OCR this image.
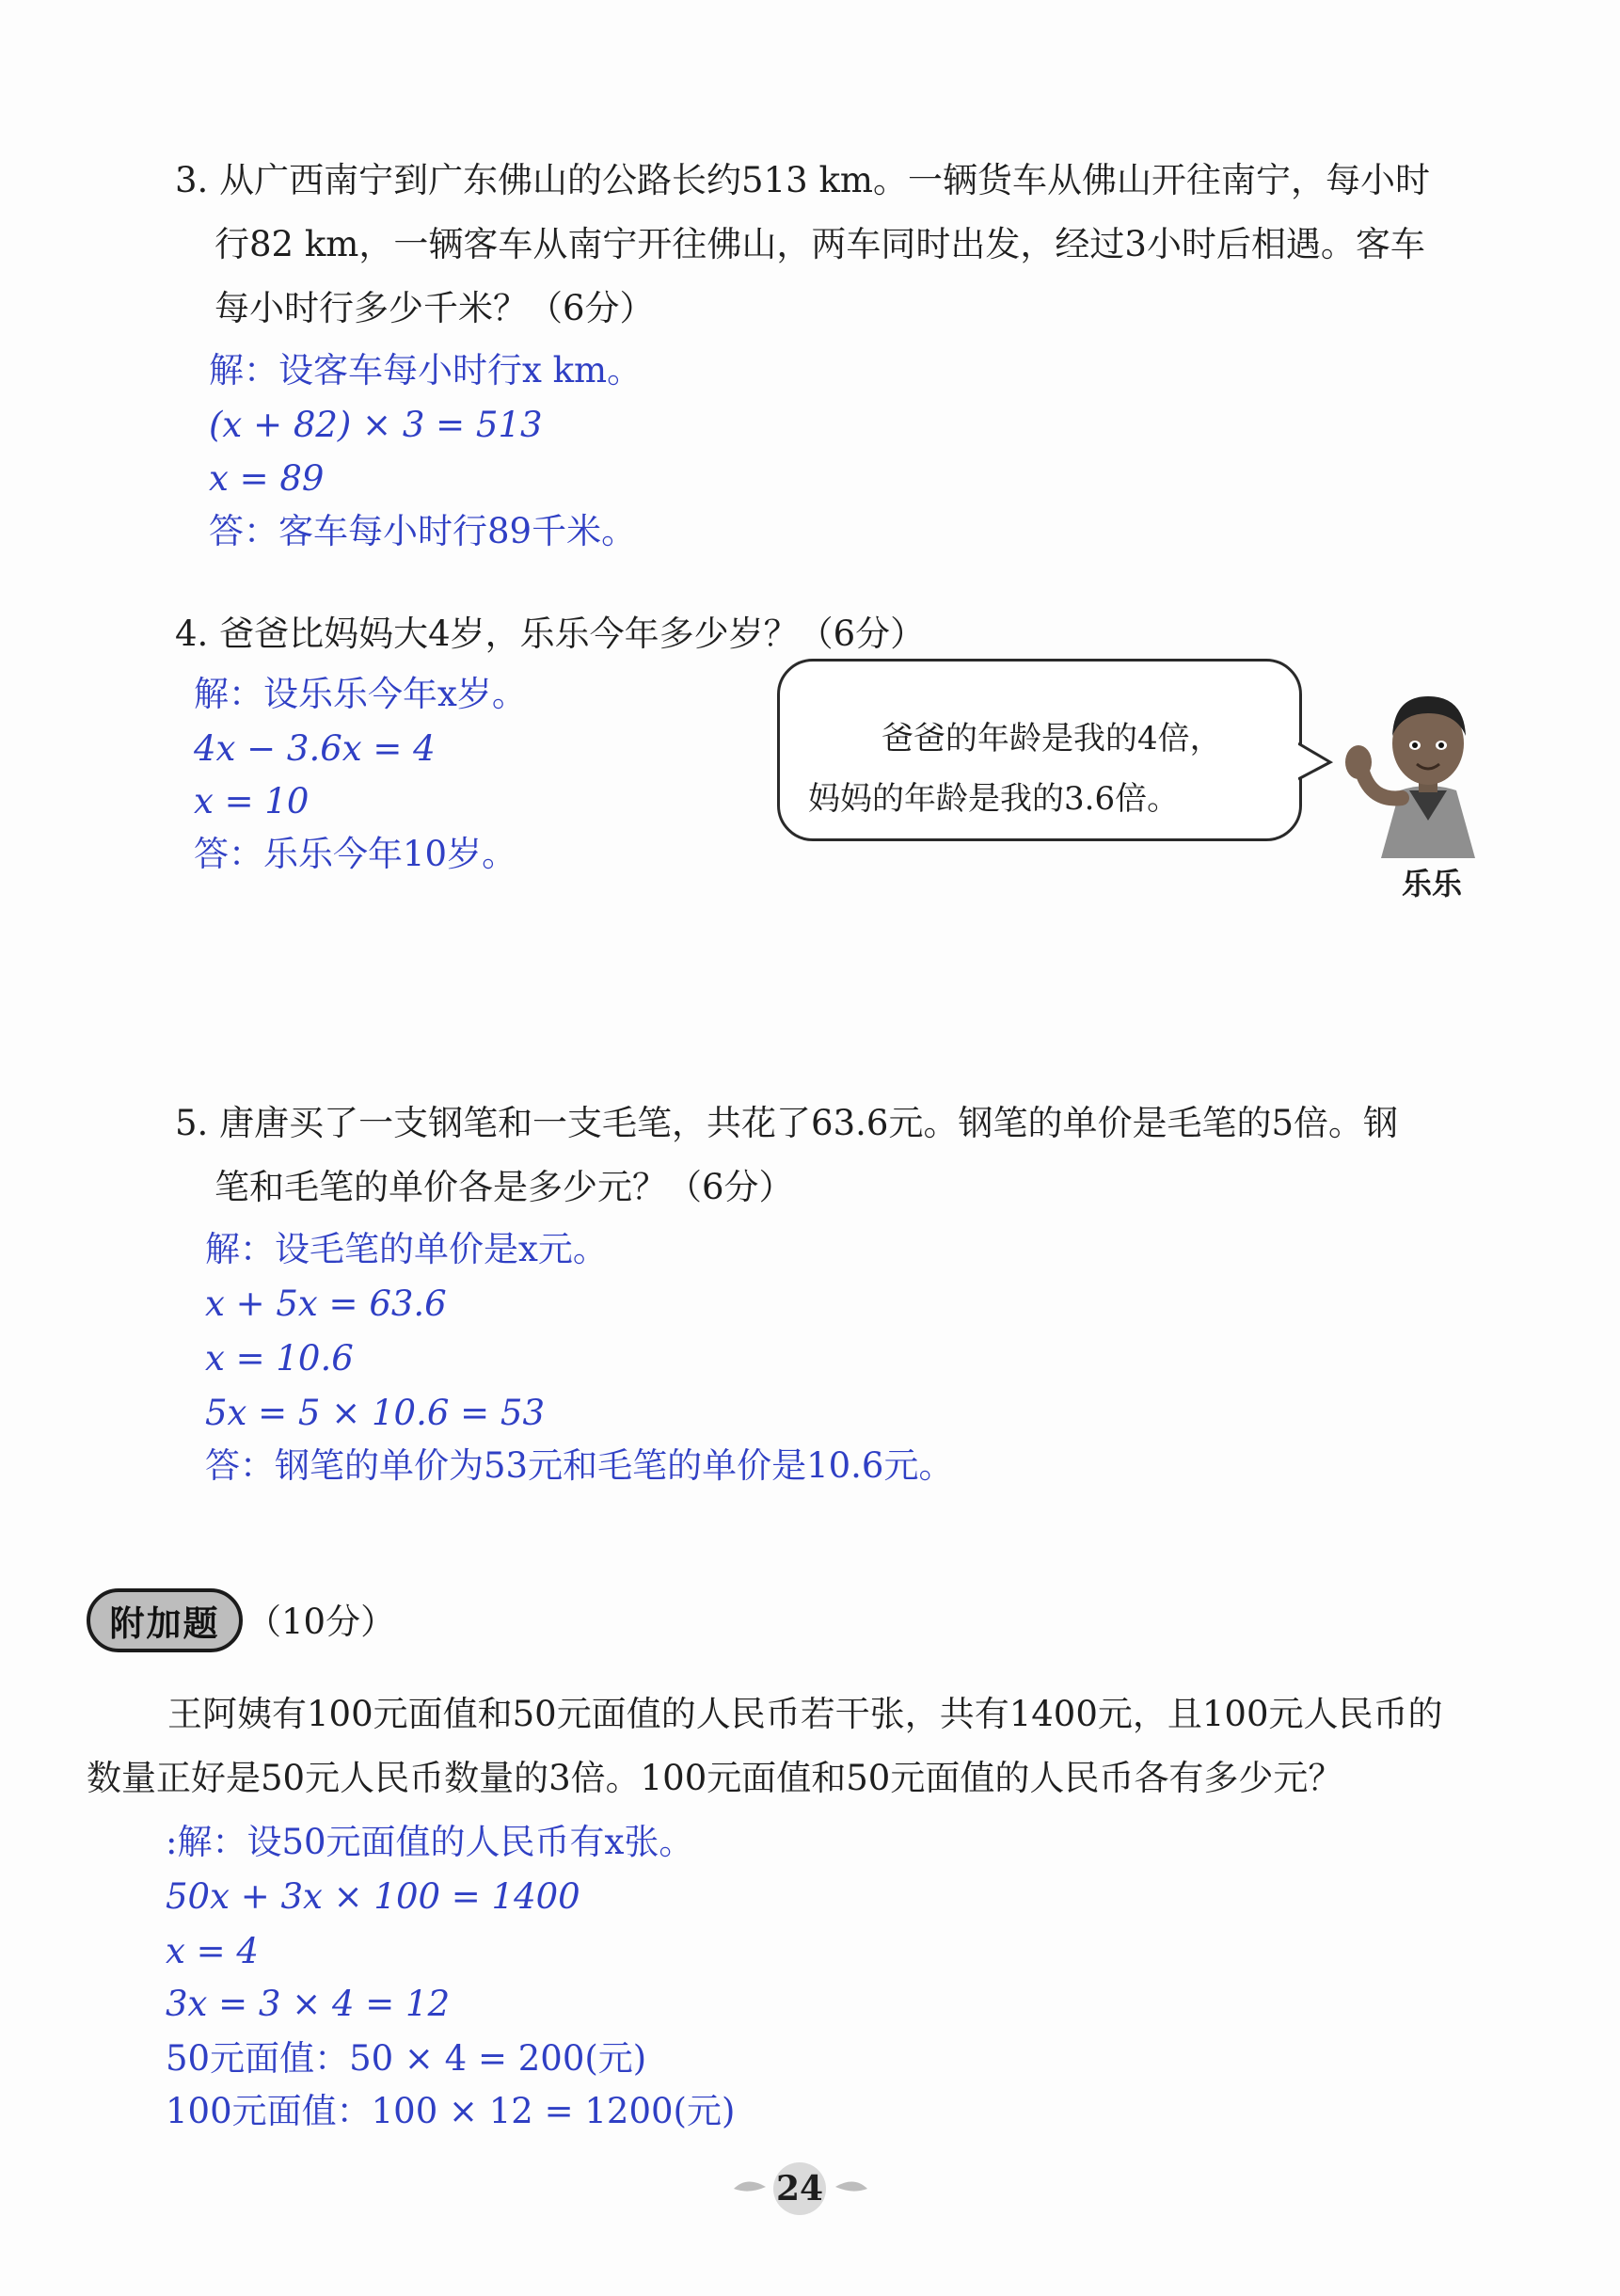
3. 从广西南宁到广东佛山的公路长约513 km。一辆货车从佛山开往南宁，每小时
行82 km，一辆客车从南宁开往佛山，两车同时出发，经过3小时后相遇。客车
每小时行多少千米？（6分）
解：设客车每小时行x km。
(x + 82) × 3 = 513
x = 89
答：客车每小时行89千米。
4. 爸爸比妈妈大4岁，乐乐今年多少岁？（6分）
解：设乐乐今年x岁。
4x − 3.6x = 4
x = 10
答：乐乐今年10岁。
爸爸的年龄是我的4倍，
妈妈的年龄是我的3.6倍。
乐乐
5. 唐唐买了一支钢笔和一支毛笔，共花了63.6元。钢笔的单价是毛笔的5倍。钢
笔和毛笔的单价各是多少元？（6分）
解：设毛笔的单价是x元。
x + 5x = 63.6
x = 10.6
5x = 5 × 10.6 = 53
答：钢笔的单价为53元和毛笔的单价是10.6元。
附加题 （10分）
王阿姨有100元面值和50元面值的人民币若干张，共有1400元，且100元人民币的
数量正好是50元人民币数量的3倍。100元面值和50元面值的人民币各有多少元？
:解：设50元面值的人民币有x张。
50x + 3x × 100 = 1400
x = 4
3x = 3 × 4 = 12
50元面值：50 × 4 = 200(元)
100元面值：100 × 12 = 1200(元)
24
